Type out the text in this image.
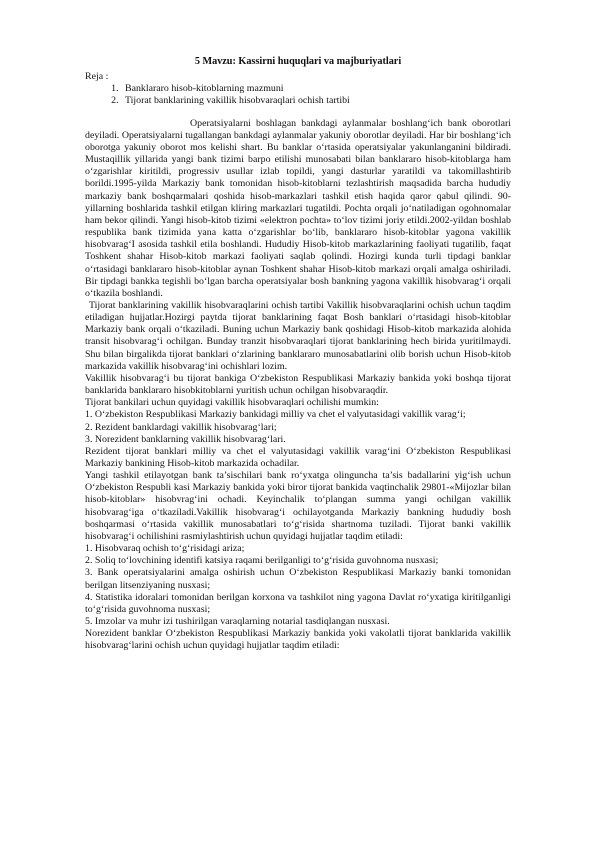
5 Mavzu: Kassirni huquqlari va majburiyatlari

Reja :

1. Banklararo hisob-kitoblarning mazmuni
2. Tijorat banklarining vakillik hisobvaraqlari ochish tartibi

Operatsiyalarni boshlagan bankdagi aylanmalar boshlang‘ich bank oborotlari deyiladi. Operatsiyalarni tugallangan bankdagi aylanmalar yakuniy oborotlar deyiladi. Har bir boshlang‘ich oborotga yakuniy oborot mos kelishi shart. Bu banklar o‘rtasida operatsiyalar yakunlanganini bildiradi. Mustaqillik yillarida yangi bank tizimi barpo etilishi munosabati bilan banklararo hisob-kitoblarga ham o‘zgarishlar kiritildi, progressiv usullar izlab topildi, yangi dasturlar yaratildi va takomillashtirib borildi.1995-yilda Markaziy bank tomonidan hisob-kitoblarni tezlashtirish maqsadida barcha hududiy markaziy bank boshqarmalari qoshida hisob-markazlari tashkil etish haqida qaror qabul qilindi. 90-yillarning boshlarida tashkil etilgan kliring markazlari tugatildi. Pochta orqali jo‘natiladigan ogohnomalar ham bekor qilindi. Yangi hisob-kitob tizimi «elektron pochta» to‘lov tizimi joriy etildi.2002-yildan boshlab respublika bank tizimida yana katta o‘zgarishlar bo‘lib, banklararo hisob-kitoblar yagona vakillik hisobvarag‘I asosida tashkil etila boshlandi. Hududiy Hisob-kitob markazlarining faoliyati tugatilib, faqat Toshkent shahar Hisob-kitob markazi faoliyati saqlab qolindi. Hozirgi kunda turli tipdagi banklar o‘rtasidagi banklararo hisob-kitoblar aynan Toshkent shahar Hisob-kitob markazi orqali amalga oshiriladi. Bir tipdagi bankka tegishli bo‘lgan barcha operatsiyalar bosh bankning yagona vakillik hisobvarag‘i orqali o‘tkazila boshlandi.

Tijorat banklarining vakillik hisobvaraqlarini ochish tartibi Vakillik hisobvaraqlarini ochish uchun taqdim etiladigan hujjatlar.Hozirgi paytda tijorat banklarining faqat Bosh banklari o‘rtasidagi hisob-kitoblar Markaziy bank orqali o‘tkaziladi. Buning uchun Markaziy bank qoshidagi Hisob-kitob markazida alohida transit hisobvarag‘i ochilgan. Bunday tranzit hisobvaraqlari tijorat banklarining hech birida yuritilmaydi. Shu bilan birgalikda tijorat banklari o‘zlarining banklararo munosabatlarini olib borish uchun Hisob-kitob markazida vakillik hisobvarag‘ini ochishlari lozim.

Vakillik hisobvarag‘i bu tijorat bankiga O‘zbekiston Respublikasi Markaziy bankida yoki boshqa tijorat banklarida banklararo hisobkitoblarni yuritish uchun ochilgan hisobvaraqdir.

Tijorat bankilari uchun quyidagi vakillik hisobvaraqlari ochilishi mumkin:

1. O‘zbekiston Respublikasi Markaziy bankidagi milliy va chet el valyutasidagi vakillik varag‘i;

2. Rezident banklardagi vakillik hisobvarag‘lari;

3. Norezident banklarning vakillik hisobvarag‘lari.

Rezident tijorat banklari milliy va chet el valyutasidagi vakillik varag‘ini O‘zbekiston Respublikasi Markaziy bankining Hisob-kitob markazida ochadilar.

Yangi tashkil etilayotgan bank ta’sischilari bank ro‘yxatga olinguncha ta’sis badallarini yig‘ish uchun O‘zbekiston Respubli kasi Markaziy bankida yoki biror tijorat bankida vaqtinchalik 29801-«Mijozlar bilan hisob-kitoblar» hisobvrag‘ini ochadi. Keyinchalik to‘plangan summa yangi ochilgan vakillik hisobvarag‘iga o‘tkaziladi.Vakillik hisobvarag‘i ochilayotganda Markaziy bankning hududiy bosh boshqarmasi o‘rtasida vakillik munosabatlari to‘g‘risida shartnoma tuziladi. Tijorat banki vakillik hisobvarag‘i ochilishini rasmiylashtirish uchun quyidagi hujjatlar taqdim etiladi:

1. Hisobvaraq ochish to‘g‘risidagi ariza;

2. Soliq to‘lovchining identifi katsiya raqami berilganligi to‘g‘risida guvohnoma nusxasi;

3. Bank operatsiyalarini amalga oshirish uchun O‘zbekiston Respublikasi Markaziy banki tomonidan berilgan litsenziyaning nusxasi;

4. Statistika idoralari tomonidan berilgan korxona va tashkilot ning yagona Davlat ro‘yxatiga kiritilganligi to‘g‘risida guvohnoma nusxasi;

5. Imzolar va muhr izi tushirilgan varaqlarning notarial tasdiqlangan nusxasi.

Norezident banklar O‘zbekiston Respublikasi Markaziy bankida yoki vakolatli tijorat banklarida vakillik hisobvarag‘larini ochish uchun quyidagi hujjatlar taqdim etiladi:
